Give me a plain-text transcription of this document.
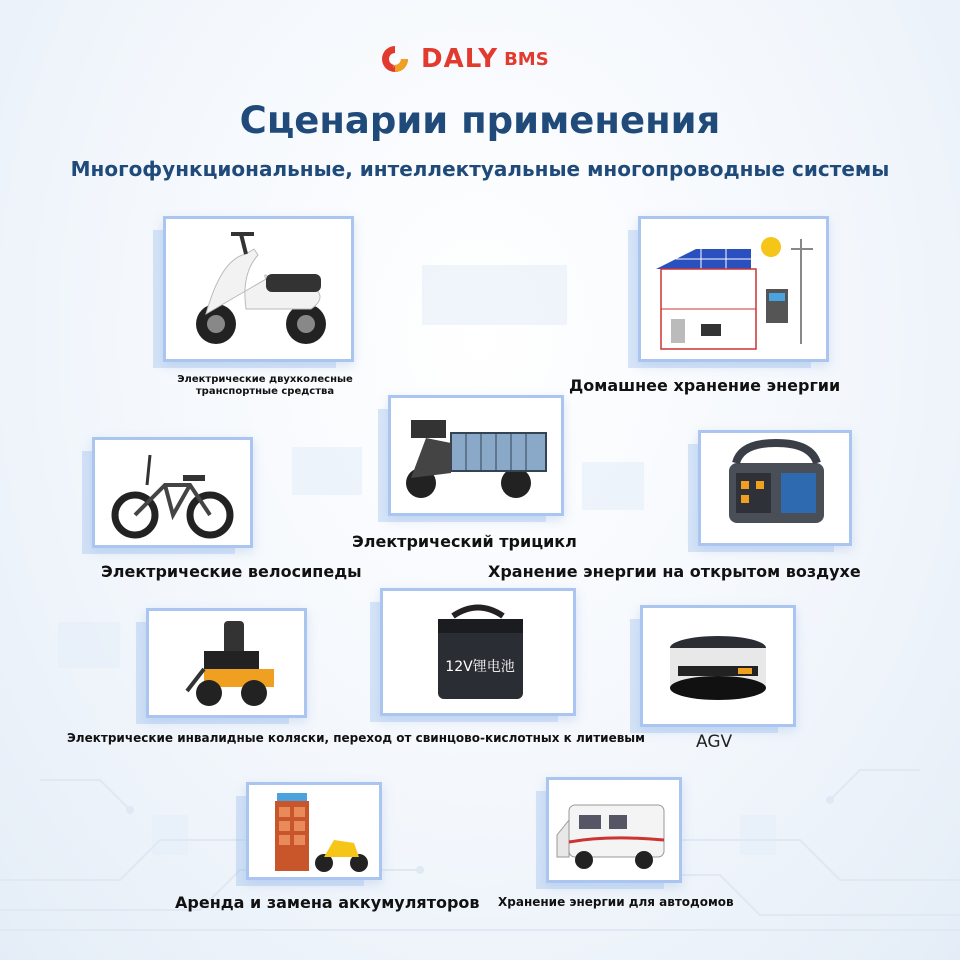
DALY BMS
Сценарии применения
Многофункциональные, интеллектуальные многопроводные системы
Электрические двухколесные
транспортные средства	Домашнее хранение энергии
Электрический трицикл
Электрические велосипеды	Хранение энергии на открытом воздухе
Электрические инвалидные коляски, переход от свинцово-кислотных к литиевым
12V锂电池
AGV
Аренда и замена аккумуляторов Хранение энергии для автодомов
